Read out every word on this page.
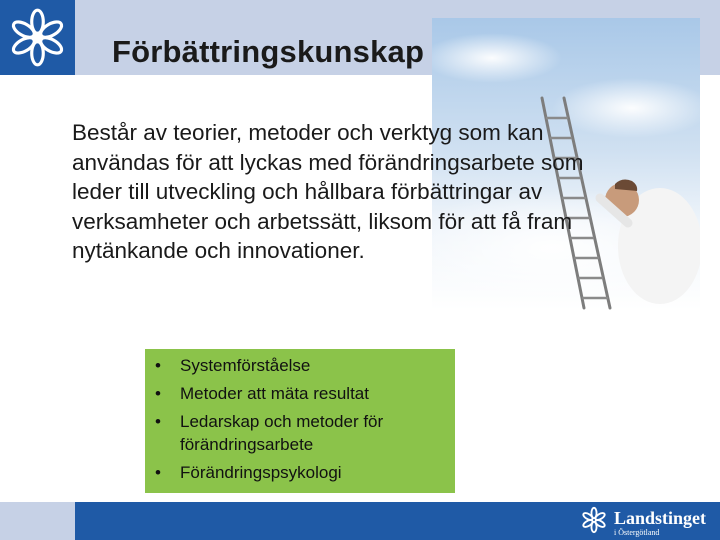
Förbättringskunskap

Består av teorier, metoder och verktyg som kan användas för att lyckas med förändringsarbete som leder till utveckling och hållbara förbättringar av verksamheter och arbetssätt, liksom för att få fram nytänkande och innovationer.

• Systemförståelse
• Metoder att mäta resultat
• Ledarskap och metoder för förändringsarbete
• Förändringspsykologi
Landstinget
i Östergötland
